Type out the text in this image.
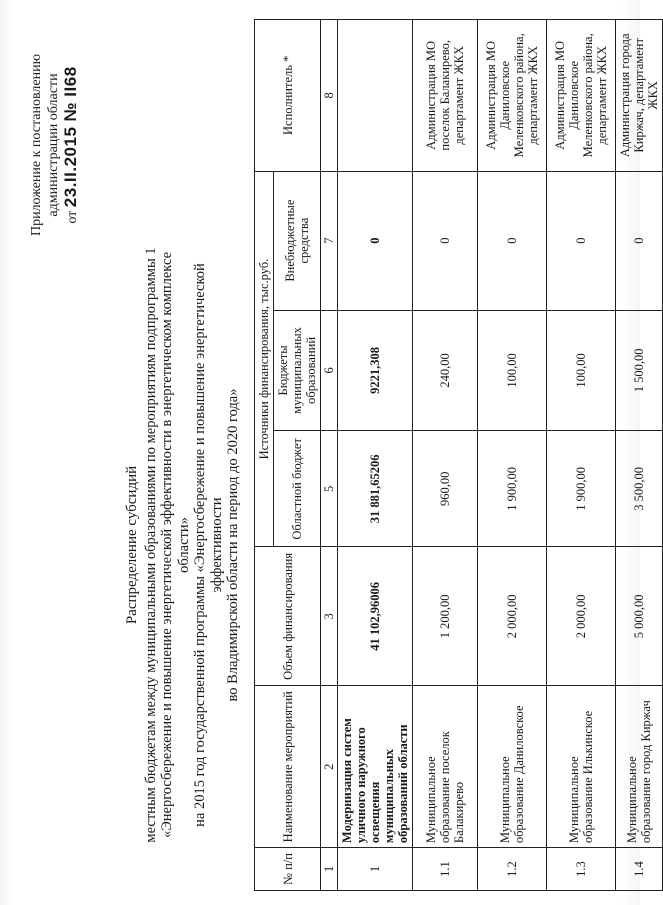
Приложение к постановлению администрации области
от 23.II.2015 № II68
Распределение субсидий местным бюджетам между муниципальными образованиями по мероприятиям подпрограммы 1 «Энергосбережение и повышение энергетической эффективности в энергетическом комплексе области» на 2015 год государственной программы «Энергосбережение и повышение энергетической эффективности во Владимирской области на период до 2020 года»
№ п/п	Наименование мероприятий	Объем финансирования	Источники финансирования, тыс.руб.			Исполнитель *
			Областной бюджет	Бюджеты муниципальных образований	Внебюджетные средства	
1	2	3	5	6	7	8
1	Модернизация систем уличного наружного освещения муниципальных образований области	41 102,96006	31 881,65206	9221,308	0	
1.1	Муниципальное образование поселок Балакирево	1 200,00	960,00	240,00	0	Администрация МО поселок Балакирево, департамент ЖКХ
1.2	Муниципальное образование Даниловское	2 000,00	1 900,00	100,00	0	Администрация МО Даниловское Меленковского района, департамент ЖКХ
1.3	Муниципальное образование Илькинское	2 000,00	1 900,00	100,00	0	Администрация МО Даниловское Меленковского района, департамент ЖКХ
1.4	Муниципальное образование город Киржач	5 000,00	3 500,00	1 500,00	0	Администрация города Киржач, департамент ЖКХ
